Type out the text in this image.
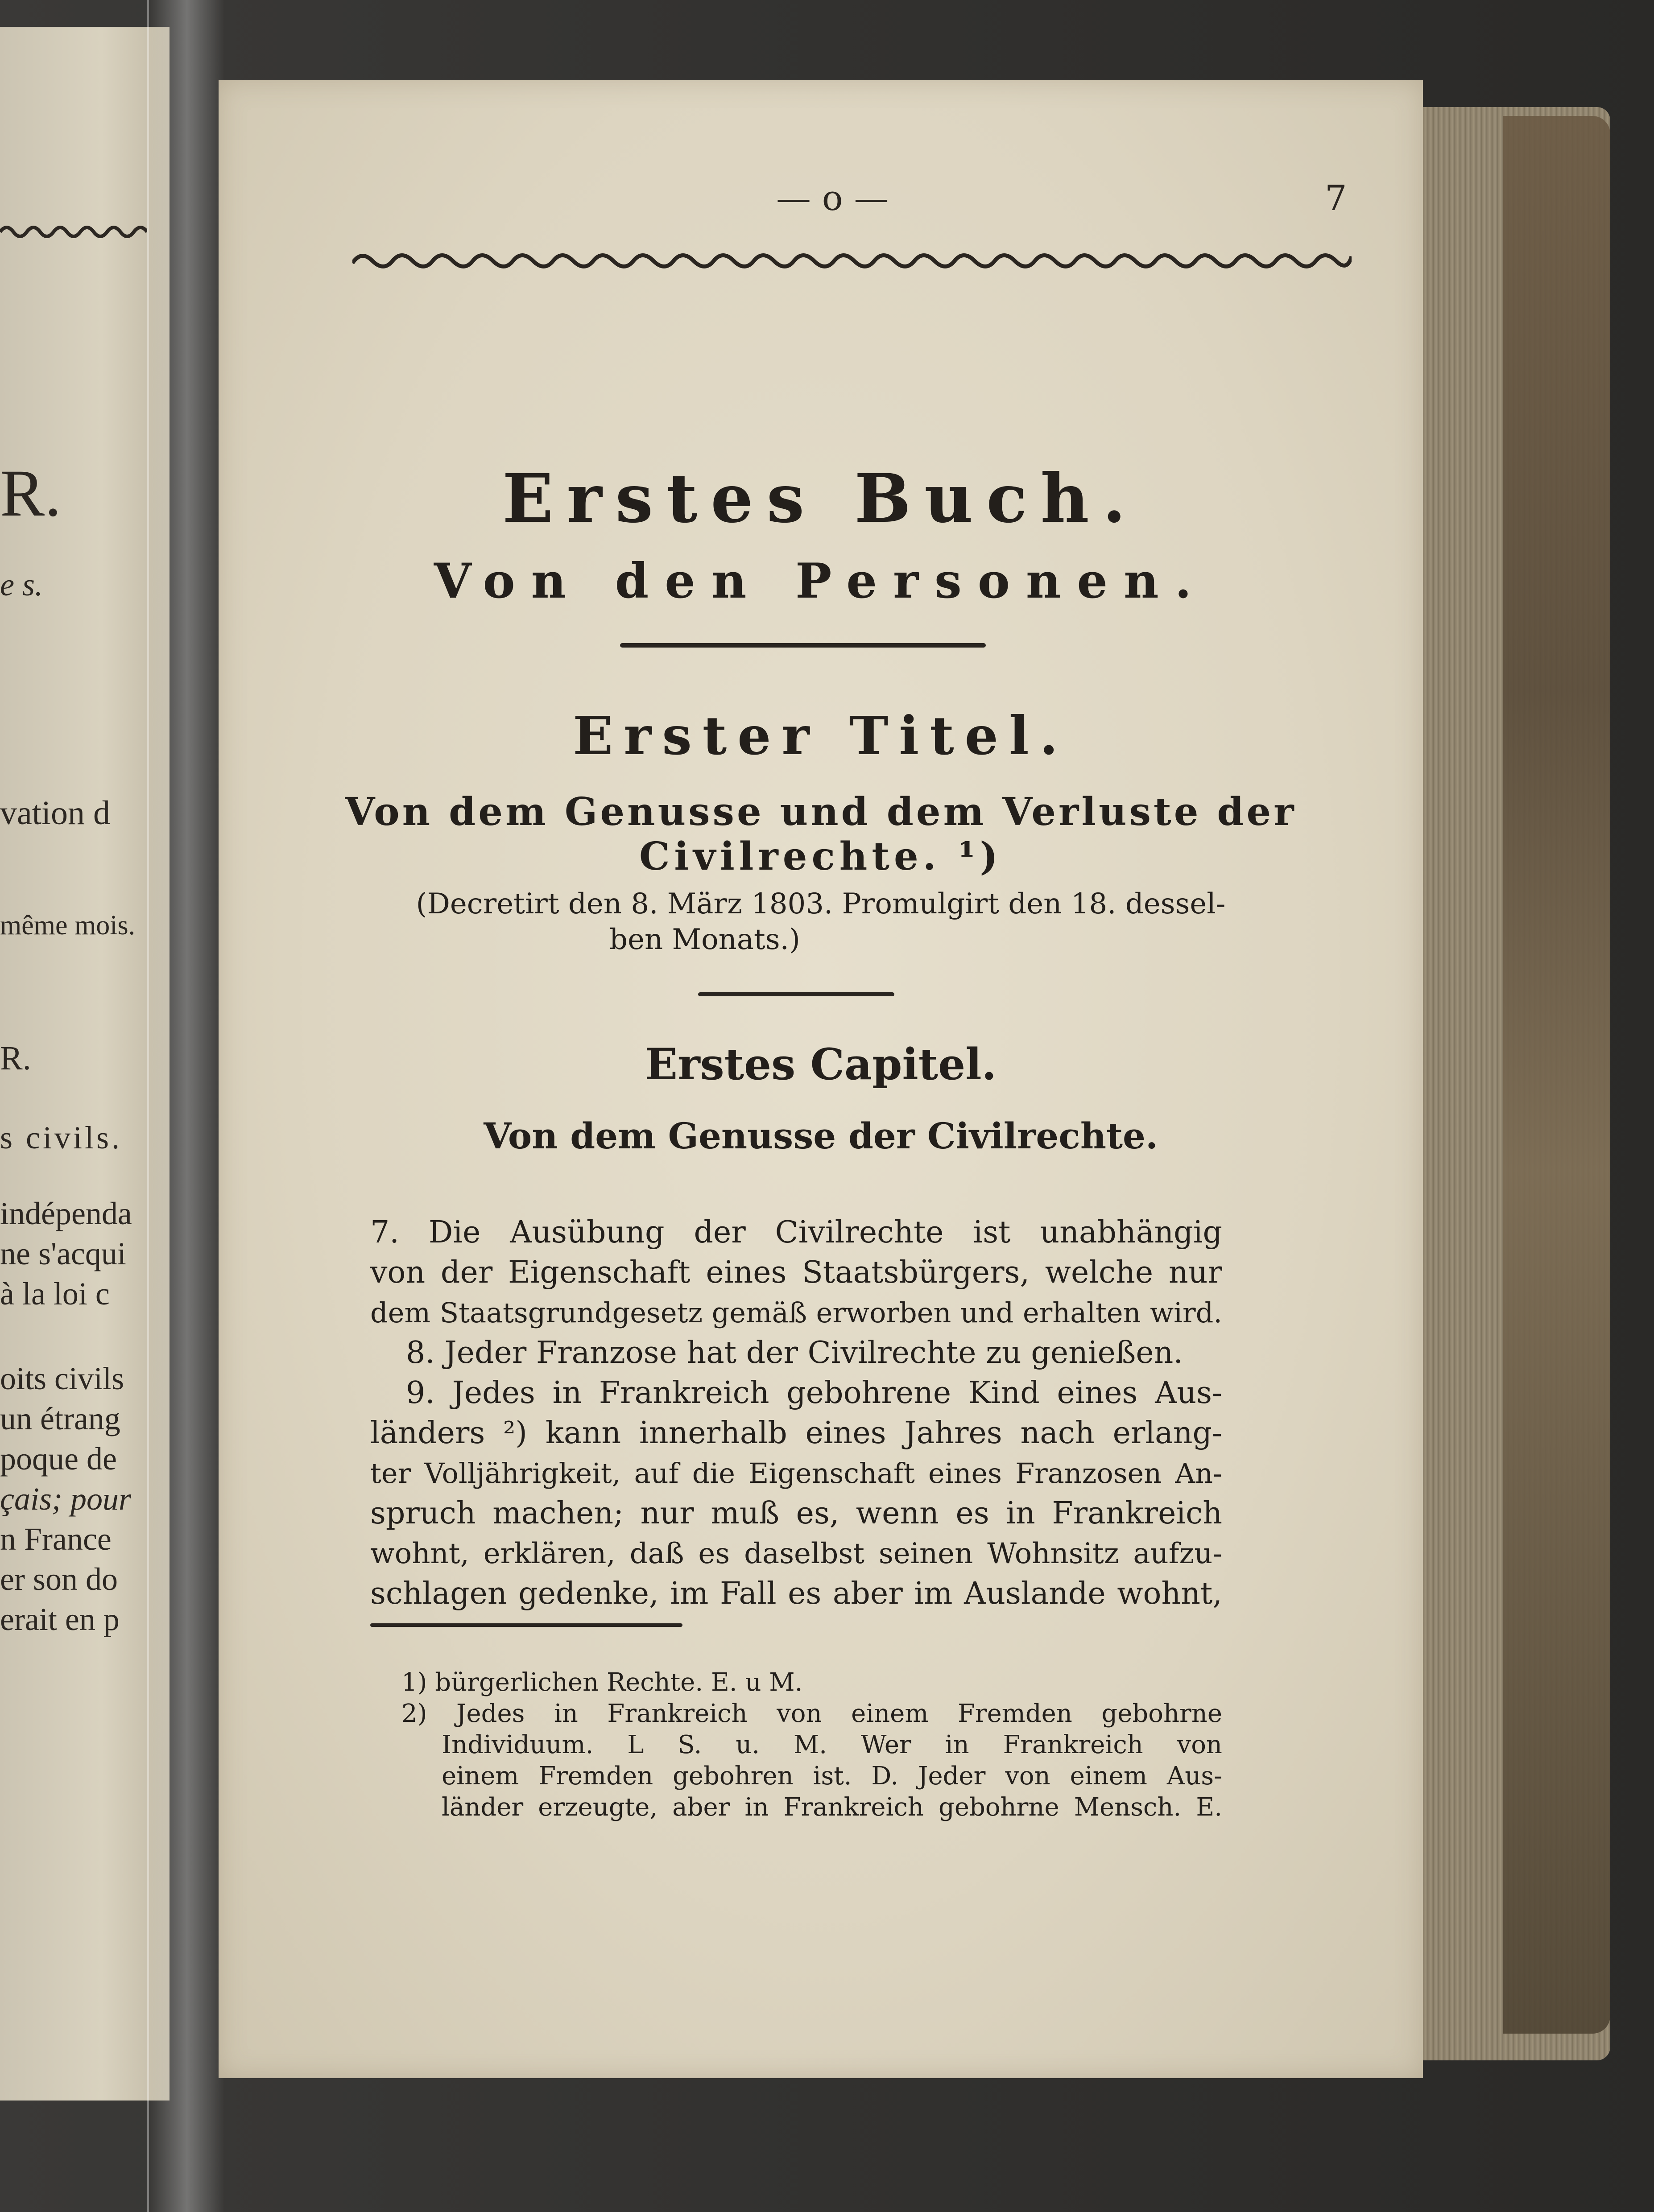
R.
e s.
vation d
même mois.
R.
s civils.
indépenda
ne s'acqui
à la loi c
oits civils
un étrang
poque de
çais; pour
n France
er son do
erait en p
— o —	7
Erstes Buch.
Von den Personen.
Erster Titel.
Von dem Genusse und dem Verluste der
Civilrechte. ¹)
(Decretirt den 8. März 1803. Promulgirt den 18. dessel-
ben Monats.)
Erstes Capitel.
Von dem Genusse der Civilrechte.
7. Die Ausübung der Civilrechte ist unabhängig
von der Eigenschaft eines Staatsbürgers, welche nur
dem Staatsgrundgesetz gemäß erworben und erhalten wird.
8. Jeder Franzose hat der Civilrechte zu genießen.
9. Jedes in Frankreich gebohrene Kind eines Aus-
länders ²) kann innerhalb eines Jahres nach erlang-
ter Volljährigkeit, auf die Eigenschaft eines Franzosen An-
spruch machen; nur muß es, wenn es in Frankreich
wohnt, erklären, daß es daselbst seinen Wohnsitz aufzu-
schlagen gedenke, im Fall es aber im Auslande wohnt,
1) bürgerlichen Rechte. E. u M.
2) Jedes in Frankreich von einem Fremden gebohrne
Individuum. L S. u. M. Wer in Frankreich von
einem Fremden gebohren ist. D. Jeder von einem Aus-
länder erzeugte, aber in Frankreich gebohrne Mensch. E.
